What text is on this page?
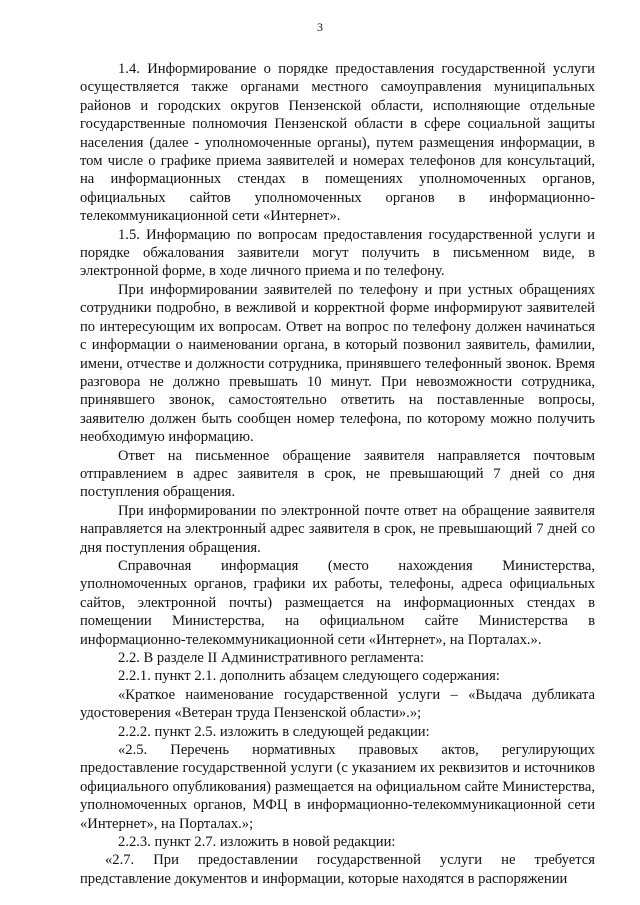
3

1.4. Информирование о порядке предоставления государственной услуги осуществляется также органами местного самоуправления муниципальных районов и городских округов Пензенской области, исполняющие отдельные государственные полномочия Пензенской области в сфере социальной защиты населения (далее - уполномоченные органы), путем размещения информации, в том числе о графике приема заявителей и номерах телефонов для консультаций, на информационных стендах в помещениях уполномоченных органов, официальных сайтов уполномоченных органов в информационно-телекоммуникационной сети «Интернет».

1.5. Информацию по вопросам предоставления государственной услуги и порядке обжалования заявители могут получить в письменном виде, в электронной форме, в ходе личного приема и по телефону.

При информировании заявителей по телефону и при устных обращениях сотрудники подробно, в вежливой и корректной форме информируют заявителей по интересующим их вопросам. Ответ на вопрос по телефону должен начинаться с информации о наименовании органа, в который позвонил заявитель, фамилии, имени, отчестве и должности сотрудника, принявшего телефонный звонок. Время разговора не должно превышать 10 минут. При невозможности сотрудника, принявшего звонок, самостоятельно ответить на поставленные вопросы, заявителю должен быть сообщен номер телефона, по которому можно получить необходимую информацию.

Ответ на письменное обращение заявителя направляется почтовым отправлением в адрес заявителя в срок, не превышающий 7 дней со дня поступления обращения.

При информировании по электронной почте ответ на обращение заявителя направляется на электронный адрес заявителя в срок, не превышающий 7 дней со дня поступления обращения.

Справочная информация (место нахождения Министерства, уполномоченных органов, графики их работы, телефоны, адреса официальных сайтов, электронной почты) размещается на информационных стендах в помещении Министерства, на официальном сайте Министерства в информационно-телекоммуникационной сети «Интернет», на Порталах.».

2.2. В разделе II Административного регламента:

2.2.1. пункт 2.1. дополнить абзацем следующего содержания:

«Краткое наименование государственной услуги – «Выдача дубликата удостоверения «Ветеран труда Пензенской области».»;

2.2.2. пункт 2.5. изложить в следующей редакции:

«2.5. Перечень нормативных правовых актов, регулирующих предоставление государственной услуги (с указанием их реквизитов и источников официального опубликования) размещается на официальном сайте Министерства, уполномоченных органов, МФЦ в информационно-телекоммуникационной сети «Интернет», на Порталах.»;

2.2.3. пункт 2.7. изложить в новой редакции:

«2.7. При предоставлении государственной услуги не требуется представление документов и информации, которые находятся в распоряжении
